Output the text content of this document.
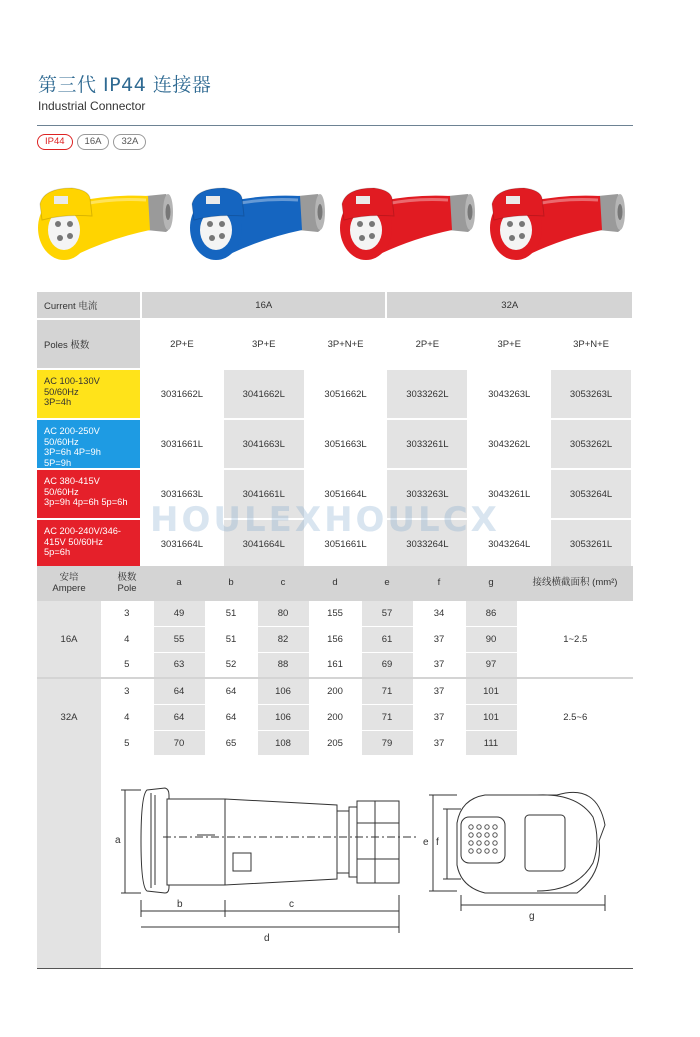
第三代 IP44 连接器
Industrial Connector
IP44	16A	32A
Current 电流	16A			32A		
Poles 极数	2P+E	3P+E	3P+N+E	2P+E	3P+E	3P+N+E

AC 100-130V
50/60Hz
3P=4h	3031662L	3041662L	3051662L	3033262L	3043263L	3053263L

AC 200-250V
50/60Hz
3P=6h 4P=9h
5P=9h	3031661L	3041663L	3051663L	3033261L	3043262L	3053262L

AC 380-415V
50/60Hz
3p=9h 4p=6h 5p=6h	3031663L	3041661L	3051664L	3033263L	3043261L	3053264L

AC 200-240V/346-
415V 50/60Hz
5p=6h	3031664L	3041664L	3051661L	3033264L	3043264L	3053261L
HOULEXHOULCX
安培
Ampere	极数
Pole	a	b	c	d	e	f	g	接线横截面积 (mm²)
16A	3	49	51	80	155	57	34	86	1~2.5
	4	55	51	82	156	61	37	90	
	5	63	52	88	161	69	37	97	
32A	3	64	64	106	200	71	37	101	2.5~6
	4	64	64	106	200	71	37	101	
	5	70	65	108	205	79	37	111	
a
b	c
d
e f
g
